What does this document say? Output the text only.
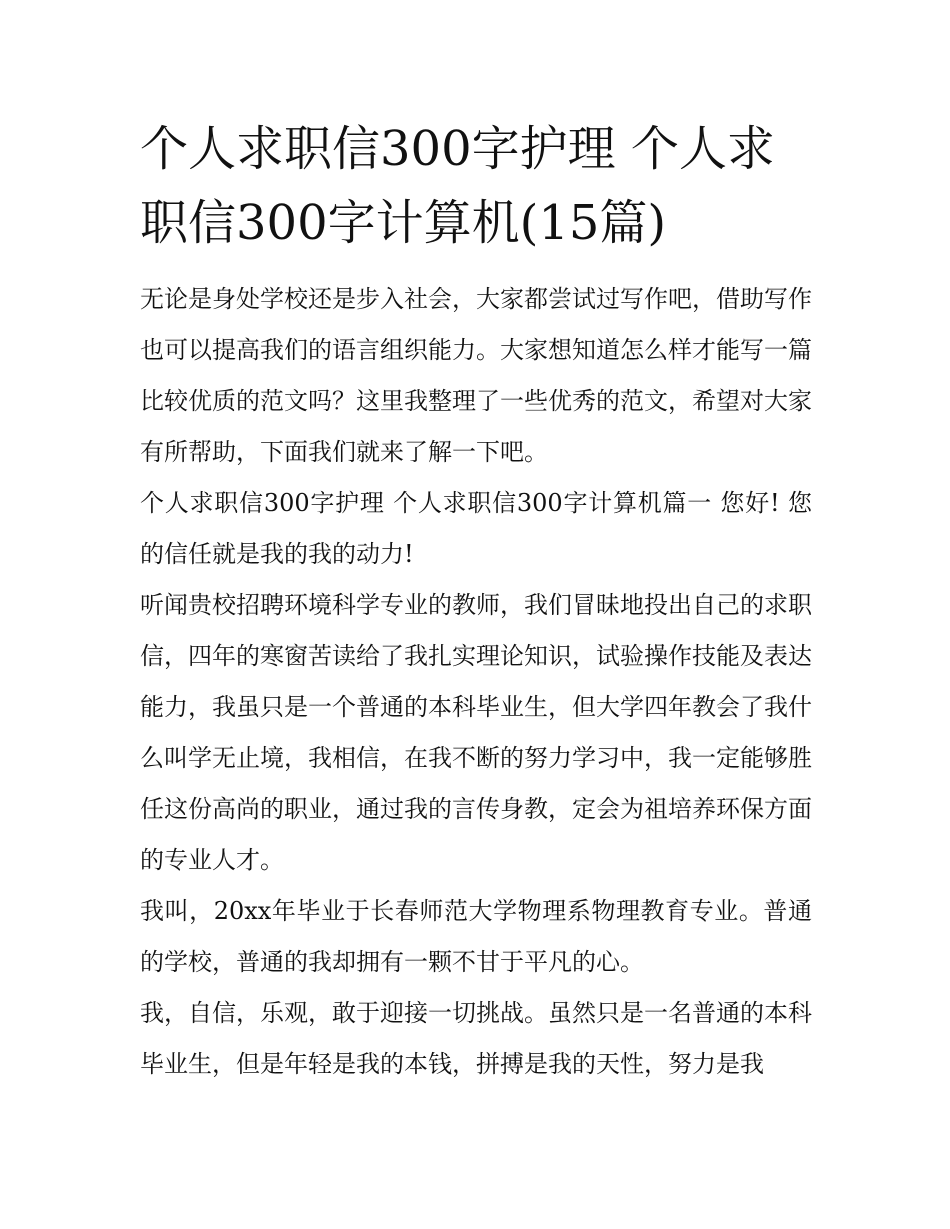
个人求职信300字护理 个人求职信300字计算机(15篇)

无论是身处学校还是步入社会，大家都尝试过写作吧，借助写作也可以提高我们的语言组织能力。大家想知道怎么样才能写一篇比较优质的范文吗？这里我整理了一些优秀的范文，希望对大家有所帮助，下面我们就来了解一下吧。

个人求职信300字护理 个人求职信300字计算机篇一 您好! 您的信任就是我的我的动力!

听闻贵校招聘环境科学专业的教师，我们冒昧地投出自己的求职信，四年的寒窗苦读给了我扎实理论知识，试验操作技能及表达能力，我虽只是一个普通的本科毕业生，但大学四年教会了我什么叫学无止境，我相信，在我不断的努力学习中，我一定能够胜任这份高尚的职业，通过我的言传身教，定会为祖培养环保方面的专业人才。

我叫，20xx年毕业于长春师范大学物理系物理教育专业。普通的学校，普通的我却拥有一颗不甘于平凡的心。

我，自信，乐观，敢于迎接一切挑战。虽然只是一名普通的本科毕业生，但是年轻是我的本钱，拼搏是我的天性，努力是我
